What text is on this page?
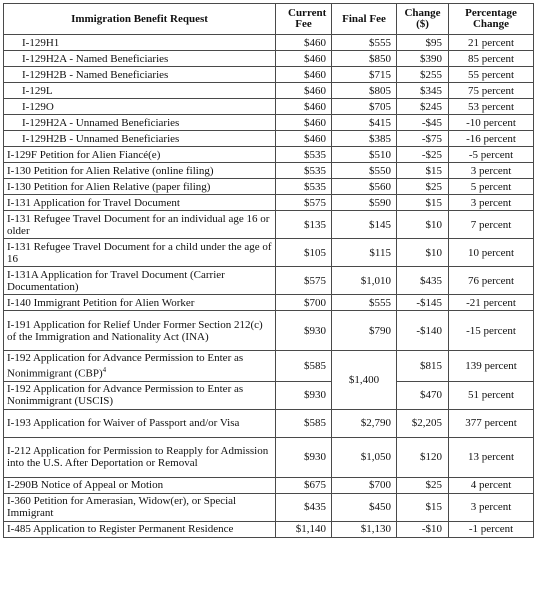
Immigration Benefit Request	Current Fee	Final Fee	Change ($)	Percentage Change
I-129H1	$460	$555	$95	21 percent
I-129H2A - Named Beneficiaries	$460	$850	$390	85 percent
I-129H2B - Named Beneficiaries	$460	$715	$255	55 percent
I-129L	$460	$805	$345	75 percent
I-129O	$460	$705	$245	53 percent
I-129H2A - Unnamed Beneficiaries	$460	$415	-$45	-10 percent
I-129H2B - Unnamed Beneficiaries	$460	$385	-$75	-16 percent
I-129F Petition for Alien Fiancé(e)	$535	$510	-$25	-5 percent
I-130 Petition for Alien Relative (online filing)	$535	$550	$15	3 percent
I-130 Petition for Alien Relative (paper filing)	$535	$560	$25	5 percent
I-131 Application for Travel Document	$575	$590	$15	3 percent
I-131 Refugee Travel Document for an individual age 16 or older	$135	$145	$10	7 percent
I-131 Refugee Travel Document for a child under the age of 16	$105	$115	$10	10 percent
I-131A Application for Travel Document (Carrier Documentation)	$575	$1,010	$435	76 percent
I-140 Immigrant Petition for Alien Worker	$700	$555	-$145	-21 percent
I-191 Application for Relief Under Former Section 212(c) of the Immigration and Nationality Act (INA)	$930	$790	-$140	-15 percent
I-192 Application for Advance Permission to Enter as Nonimmigrant (CBP)$^4$	$585	$1,400	$815	139 percent
I-192 Application for Advance Permission to Enter as Nonimmigrant (USCIS)	$930		$470	51 percent
I-193 Application for Waiver of Passport and/or Visa	$585	$2,790	$2,205	377 percent
I-212 Application for Permission to Reapply for Admission into the U.S. After Deportation or Removal	$930	$1,050	$120	13 percent
I-290B Notice of Appeal or Motion	$675	$700	$25	4 percent
I-360 Petition for Amerasian, Widow(er), or Special Immigrant	$435	$450	$15	3 percent
I-485 Application to Register Permanent Residence	$1,140	$1,130	-$10	-1 percent
